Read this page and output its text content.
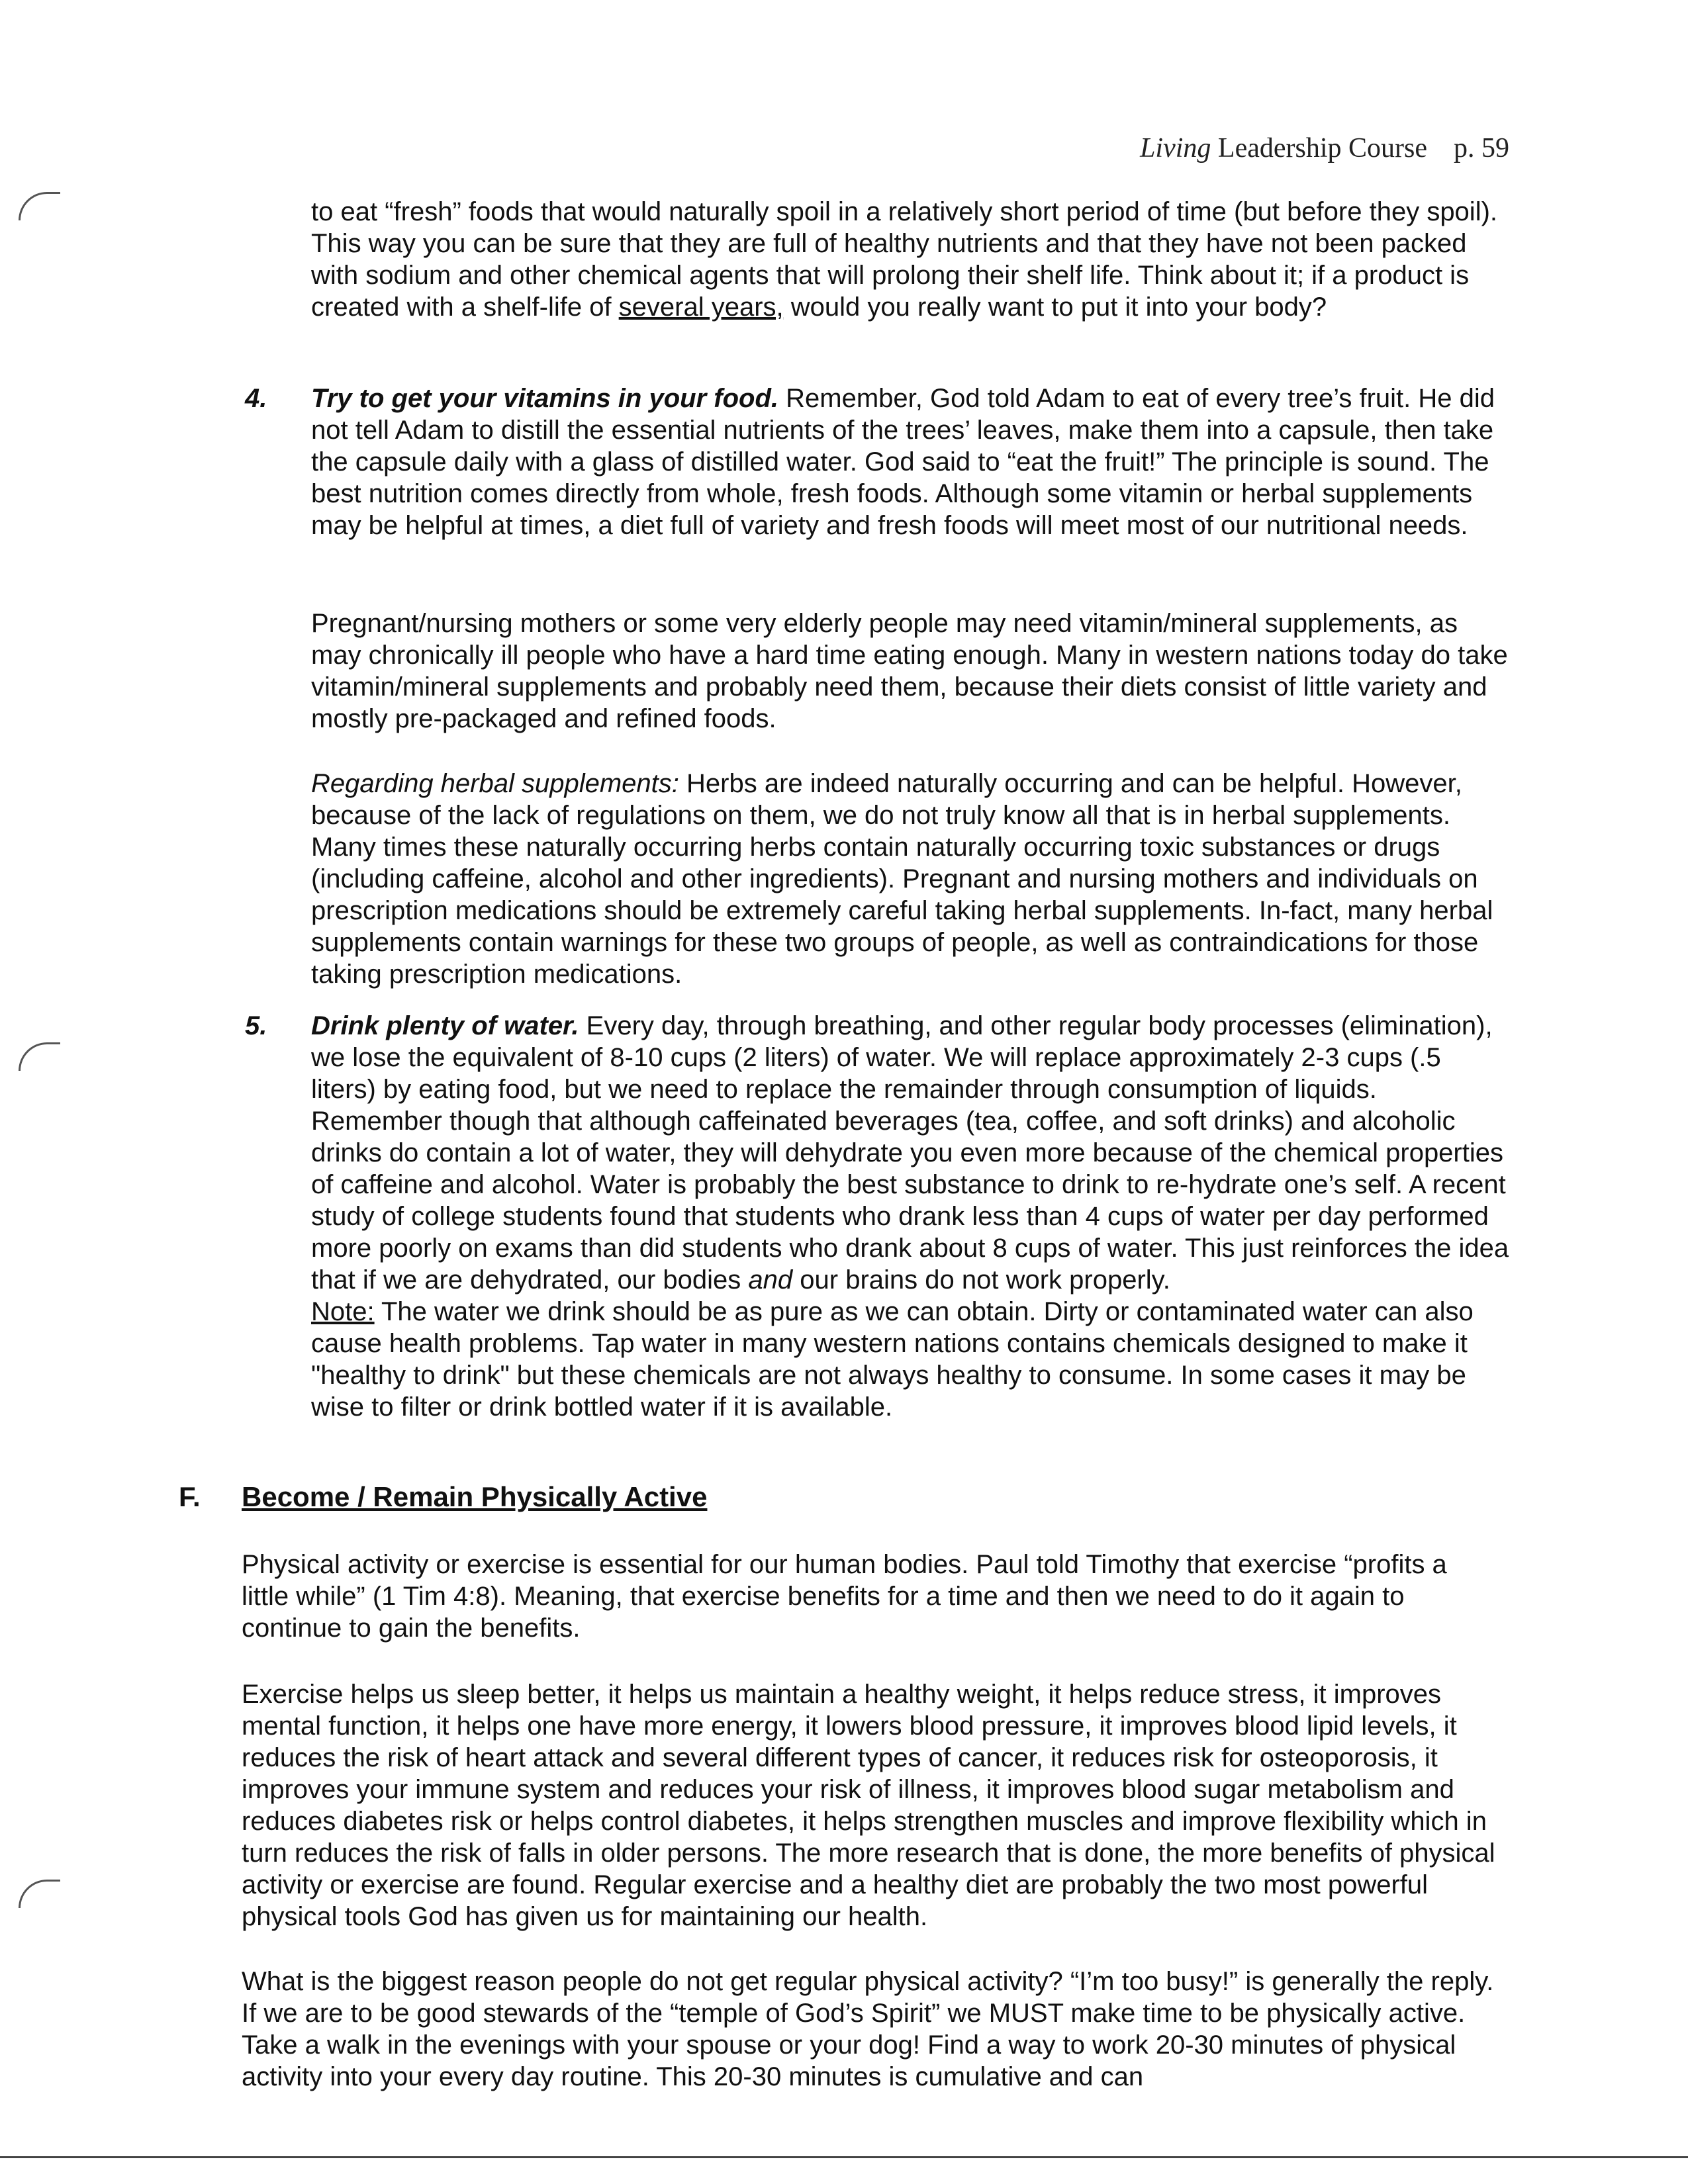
Living Leadership Course p. 59
to eat “fresh” foods that would naturally spoil in a relatively short period of time (but before they spoil). This way you can be sure that they are full of healthy nutrients and that they have not been packed with sodium and other chemical agents that will prolong their shelf life. Think about it; if a product is created with a shelf-life of several years, would you really want to put it into your body?
4. Try to get your vitamins in your food. Remember, God told Adam to eat of every tree’s fruit. He did not tell Adam to distill the essential nutrients of the trees’ leaves, make them into a capsule, then take the capsule daily with a glass of distilled water. God said to “eat the fruit!” The principle is sound. The best nutrition comes directly from whole, fresh foods. Although some vitamin or herbal supplements may be helpful at times, a diet full of variety and fresh foods will meet most of our nutritional needs.
Pregnant/nursing mothers or some very elderly people may need vitamin/mineral supplements, as may chronically ill people who have a hard time eating enough. Many in western nations today do take vitamin/mineral supplements and probably need them, because their diets consist of little variety and mostly pre-packaged and refined foods.
Regarding herbal supplements: Herbs are indeed naturally occurring and can be helpful. However, because of the lack of regulations on them, we do not truly know all that is in herbal supplements. Many times these naturally occurring herbs contain naturally occurring toxic substances or drugs (including caffeine, alcohol and other ingredients). Pregnant and nursing mothers and individuals on prescription medications should be extremely careful taking herbal supplements. In-fact, many herbal supplements contain warnings for these two groups of people, as well as contraindications for those taking prescription medications.
5. Drink plenty of water. Every day, through breathing, and other regular body processes (elimination), we lose the equivalent of 8-10 cups (2 liters) of water. We will replace approximately 2-3 cups (.5 liters) by eating food, but we need to replace the remainder through consumption of liquids. Remember though that although caffeinated beverages (tea, coffee, and soft drinks) and alcoholic drinks do contain a lot of water, they will dehydrate you even more because of the chemical properties of caffeine and alcohol. Water is probably the best substance to drink to re-hydrate one’s self. A recent study of college students found that students who drank less than 4 cups of water per day performed more poorly on exams than did students who drank about 8 cups of water. This just reinforces the idea that if we are dehydrated, our bodies and our brains do not work properly.
Note: The water we drink should be as pure as we can obtain. Dirty or contaminated water can also cause health problems. Tap water in many western nations contains chemicals designed to make it "healthy to drink" but these chemicals are not always healthy to consume. In some cases it may be wise to filter or drink bottled water if it is available.
F. Become / Remain Physically Active
Physical activity or exercise is essential for our human bodies. Paul told Timothy that exercise “profits a little while” (1 Tim 4:8). Meaning, that exercise benefits for a time and then we need to do it again to continue to gain the benefits.
Exercise helps us sleep better, it helps us maintain a healthy weight, it helps reduce stress, it improves mental function, it helps one have more energy, it lowers blood pressure, it improves blood lipid levels, it reduces the risk of heart attack and several different types of cancer, it reduces risk for osteoporosis, it improves your immune system and reduces your risk of illness, it improves blood sugar metabolism and reduces diabetes risk or helps control diabetes, it helps strengthen muscles and improve flexibility which in turn reduces the risk of falls in older persons. The more research that is done, the more benefits of physical activity or exercise are found. Regular exercise and a healthy diet are probably the two most powerful physical tools God has given us for maintaining our health.
What is the biggest reason people do not get regular physical activity? “I’m too busy!” is generally the reply. If we are to be good stewards of the “temple of God’s Spirit” we MUST make time to be physically active. Take a walk in the evenings with your spouse or your dog! Find a way to work 20-30 minutes of physical activity into your every day routine. This 20-30 minutes is cumulative and can
